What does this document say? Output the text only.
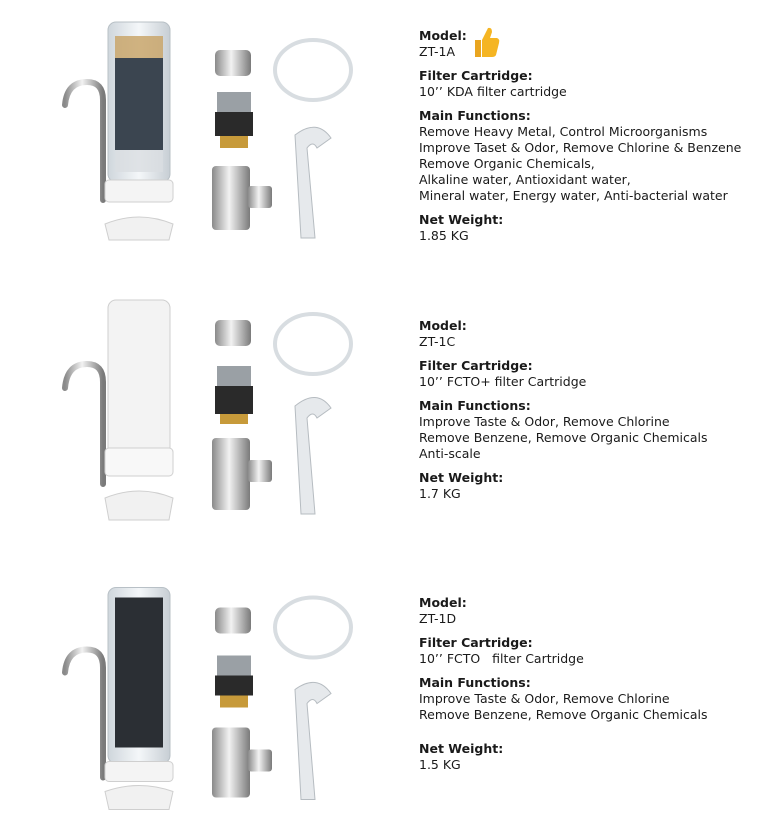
Model:
ZT-1A
Filter Cartridge:
10’’ KDA filter cartridge
Main Functions:
Remove Heavy Metal, Control Microorganisms
Improve Taset & Odor, Remove Chlorine & Benzene
Remove Organic Chemicals,
Alkaline water, Antioxidant water,
Mineral water, Energy water, Anti-bacterial water
Net Weight:
1.85 KG
Model:
ZT-1C
Filter Cartridge:
10’’ FCTO+ filter Cartridge
Main Functions:
Improve Taste & Odor, Remove Chlorine
Remove Benzene, Remove Organic Chemicals
Anti-scale
Net Weight:
1.7 KG
Model:
ZT-1D
Filter Cartridge:
10’’ FCTO   filter Cartridge
Main Functions:
Improve Taste & Odor, Remove Chlorine
Remove Benzene, Remove Organic Chemicals
Net Weight:
1.5 KG
